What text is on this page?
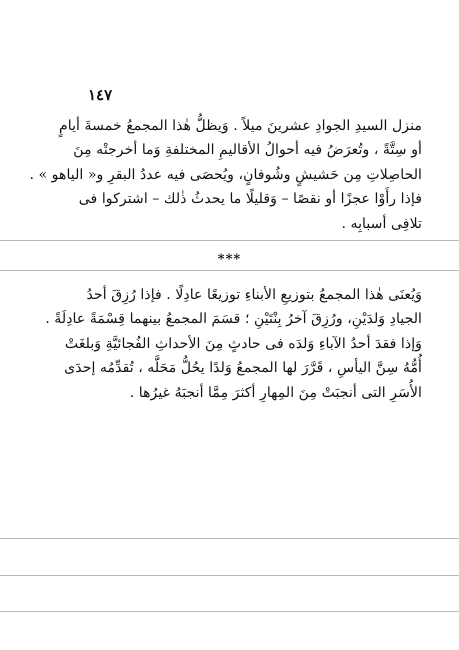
١٤٧
منزل السيدِ الجوادِ عشرينَ ميلاً . وَيظلُّ هٰذا المجمعُ خمسةَ أيامٍ
أو سِتَّةً ، وتُعرَضُ فيه أحوالُ الأقاليمِ المختلفةِ وَما أخرجتْه مِنَ
الحاصِلاتِ مِن حَشيشٍ وشُوفانٍ، ويُحصَى فيه عددُ البقرِ و« الياهو » .
فإذا رأَوْا عجزًا أو نقصًا – وَقليلًا ما يحدثُ ذٰلك – اشتركوا فى
تلافِى أسبابِه .
***
وَيُعنَى هٰذا المجمعُ بتوزيعِ الأبناءِ توزيعًا عادِلًا . فإذا رُزِقَ أحدُ
الجيادِ وَلدَيْنِ، ورُزِقَ آخرُ بِنْتَيْنِ ؛ قسَمَ المجمعُ بينهما قِسْمَةً عادِلَةً .
وَإذا فقدَ أحدُ الآباءِ وَلدَه فى حادثٍ مِنَ الأحداثِ الفُجائيَّةِ وَبلغَتْ
أُمُّهُ سِنَّ اليأسِ ، قَرَّرَ لها المجمعُ وَلدًا يحُلُّ مَحَلَّه ، تُقدِّمُه إحدَى
الأُسَرِ التى أنجبَتْ مِنَ المِهارِ أكثرَ مِمَّا أنجبَهُ غيرُها .
